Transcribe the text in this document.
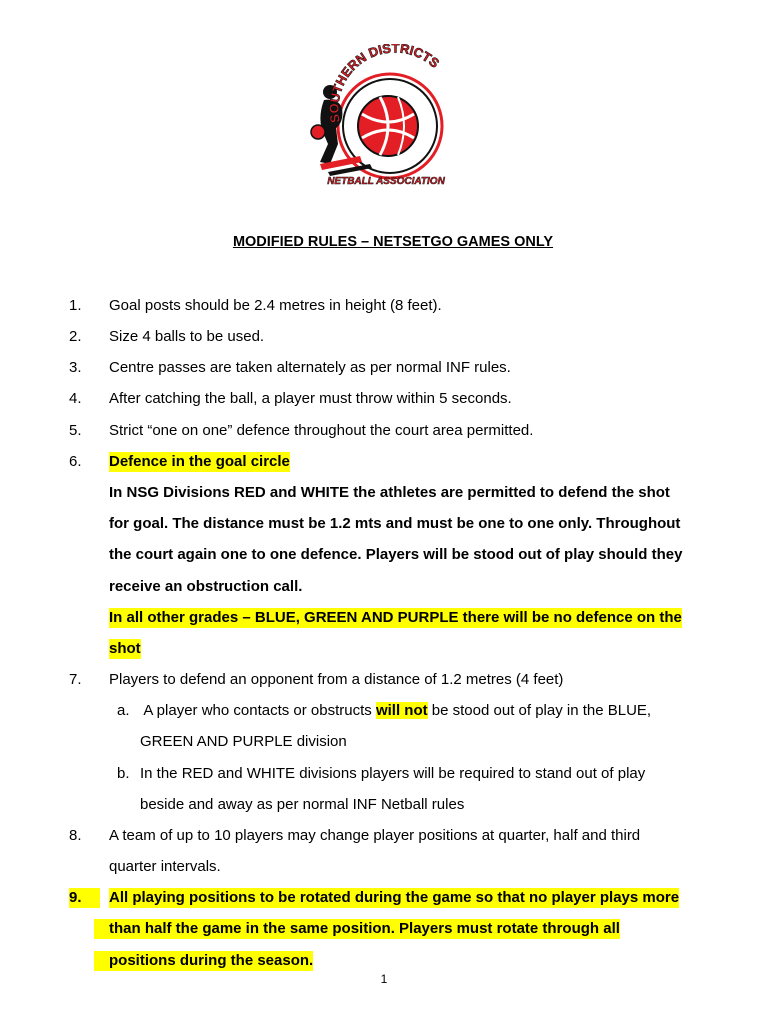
SOUTHERN DISTRICTS
NETBALL ASSOCIATION
MODIFIED RULES – NETSETGO GAMES ONLY
1. Goal posts should be 2.4 metres in height (8 feet).
2. Size 4 balls to be used.
3. Centre passes are taken alternately as per normal INF rules.
4. After catching the ball, a player must throw within 5 seconds.
5. Strict “one on one” defence throughout the court area permitted.
6. Defence in the goal circle
In NSG Divisions RED and WHITE the athletes are permitted to defend the shot
for goal. The distance must be 1.2 mts and must be one to one only. Throughout
the court again one to one defence. Players will be stood out of play should they
receive an obstruction call.
In all other grades – BLUE, GREEN AND PURPLE there will be no defence on the
shot
7. Players to defend an opponent from a distance of 1.2 metres (4 feet)
a. A player who contacts or obstructs will not be stood out of play in the BLUE,
GREEN AND PURPLE division
b. In the RED and WHITE divisions players will be required to stand out of play
beside and away as per normal INF Netball rules
8. A team of up to 10 players may change player positions at quarter, half and third
quarter intervals.
9.	All playing positions to be rotated during the game so that no player plays more
than half the game in the same position. Players must rotate through all
positions during the season.
1
